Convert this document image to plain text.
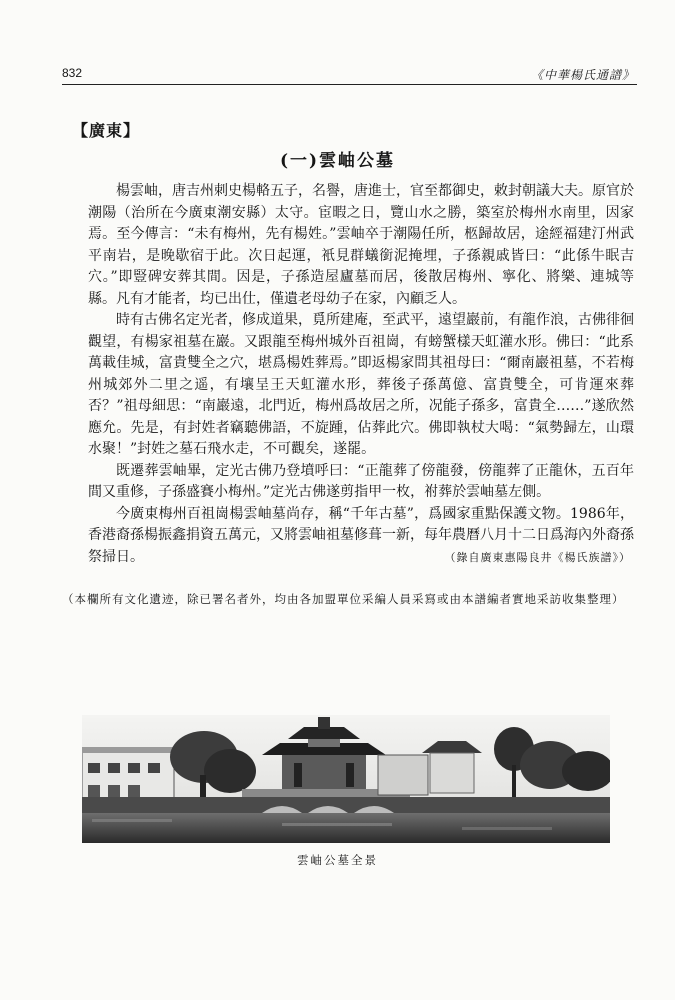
832	《中華楊氏通譜》
【廣東】
(一)雲岫公墓

楊雲岫，唐吉州刺史楊輅五子，名譽，唐進士，官至都御史，敕封朝議大夫。原官於潮陽（治所在今廣東潮安縣）太守。宦暇之日，覽山水之勝，築室於梅州水南里，因家焉。至今傳言：“未有梅州，先有楊姓。”雲岫卒于潮陽任所，柩歸故居，途經福建汀州武平南岩，是晚歇宿于此。次日起運，衹見群蟻銜泥掩埋，子孫親戚皆曰：“此係牛眠吉穴。”即豎碑安葬其間。因是，子孫造屋廬墓而居，後散居梅州、寧化、將樂、連城等縣。凡有才能者，均已出仕，僅遺老母幼子在家，內顧乏人。

時有古佛名定光者，修成道果，覓所建庵，至武平，遠望巖前，有龍作浪，古佛徘徊觀望，有楊家祖墓在巖。又跟龍至梅州城外百祖崗，有螃蟹樣天虹灌水形。佛曰：“此系萬載佳城，富貴雙全之穴，堪爲楊姓葬焉。”即返楊家問其祖母曰：“爾南巖祖墓，不若梅州城郊外二里之遥，有壤呈王天虹灌水形，葬後子孫萬億、富貴雙全，可肯運來葬否？”祖母細思：“南巖遠，北門近，梅州爲故居之所，况能子孫多，富貴全……”遂欣然應允。先是，有封姓者竊聽佛語，不旋踵，佔葬此穴。佛即執杖大喝：“氣勢歸左，山環水聚！”封姓之墓石飛水走，不可觀矣，遂罷。

既遷葬雲岫畢，定光古佛乃登墳呼曰：“正龍葬了傍龍發，傍龍葬了正龍休，五百年間又重修，子孫盛賽小梅州。”定光古佛遂剪指甲一枚，祔葬於雲岫墓左側。

今廣東梅州百祖崗楊雲岫墓尚存，稱“千年古墓”，爲國家重點保護文物。1986年，香港裔孫楊振鑫捐資五萬元，又將雲岫祖墓修葺一新，每年農曆八月十二日爲海內外裔孫祭掃日。	（錄自廣東惠陽良井《楊氏族譜》）
（本欄所有文化遺迹，除已署名者外，均由各加盟單位采編人員采寫或由本譜編者實地采訪收集整理）
雲岫公墓全景
